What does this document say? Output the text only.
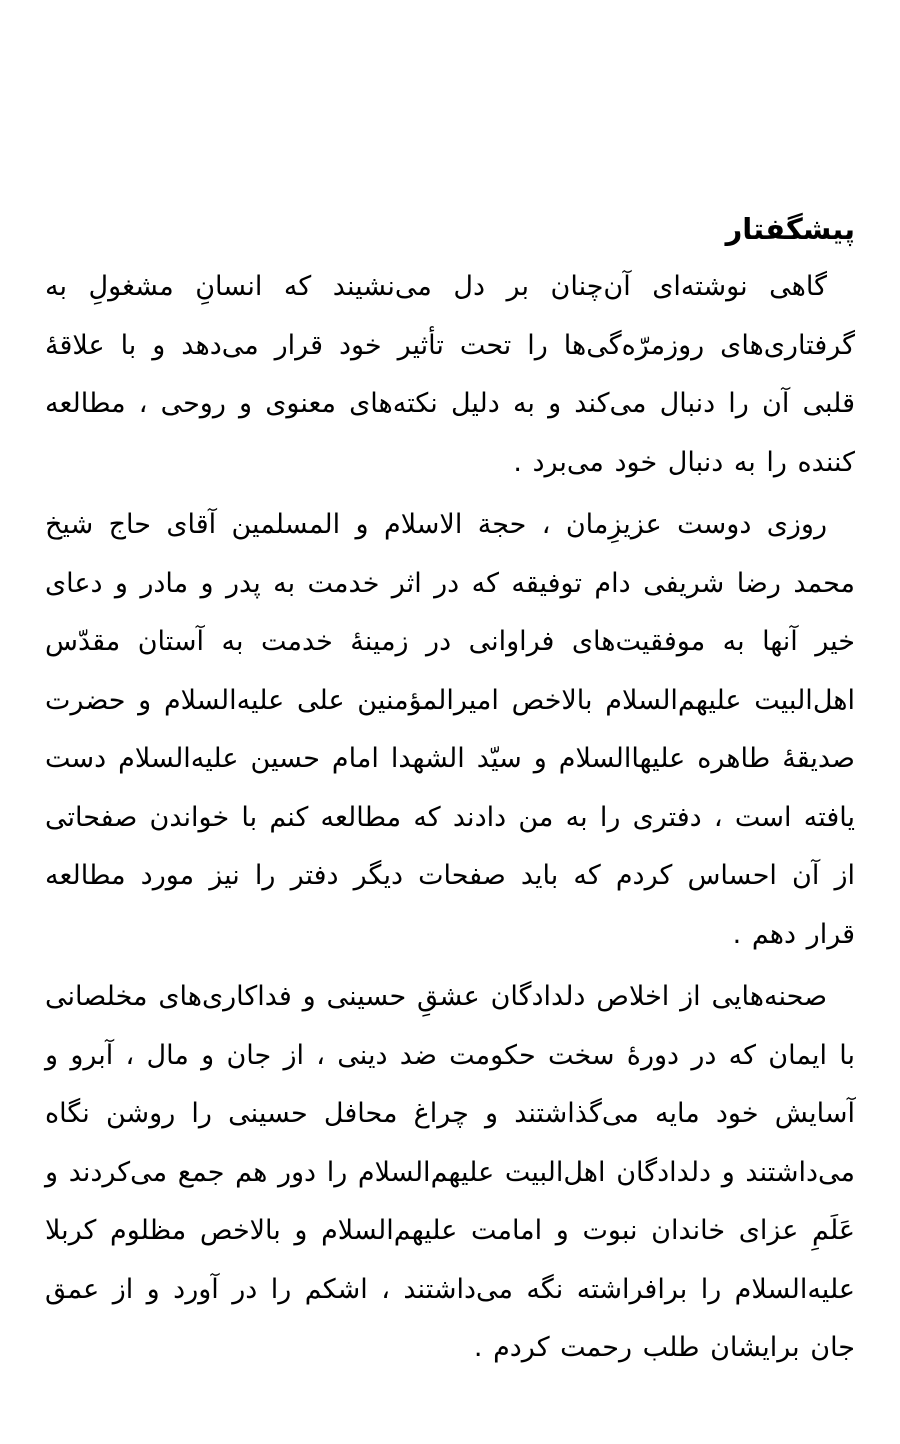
پیشگفتار

گاهی نوشته‌ای آن‌چنان بر دل می‌نشیند که انسانِ مشغولِ به گرفتاری‌های روزمرّه‌گی‌ها را تحت تأثیر خود قرار می‌دهد و با علاقهٔ قلبی آن را دنبال می‌کند و به دلیل نکته‌های معنوی و روحی ، مطالعه کننده را به دنبال خود می‌برد .

روزی دوست عزیزِمان ، حجة الاسلام و المسلمین آقای حاج شیخ محمد رضا شریفی دام توفیقه که در اثر خدمت به پدر و مادر و دعای خیر آنها به موفقیت‌های فراوانی در زمینهٔ خدمت به آستان مقدّس اهل‌البیت علیهم‌السلام بالاخص امیرالمؤمنین علی علیه‌السلام و حضرت صدیقهٔ طاهره علیهاالسلام و سیّد الشهدا امام حسین علیه‌السلام دست یافته است ، دفتری را به من دادند که مطالعه کنم با خواندن صفحاتی از آن احساس کردم که باید صفحات دیگر دفتر را نیز مورد مطالعه قرار دهم .

صحنه‌هایی از اخلاص دلدادگان عشقِ حسینی و فداکاری‌های مخلصانی با ایمان که در دورهٔ سخت حکومت ضد دینی ، از جان و مال ، آبرو و آسایش خود مایه می‌گذاشتند و چراغ محافل حسینی را روشن نگاه می‌داشتند و دلدادگان اهل‌البیت علیهم‌السلام را دور هم جمع می‌کردند و عَلَمِ عزای خاندان نبوت و امامت علیهم‌السلام و بالاخص مظلوم کربلا علیه‌السلام را برافراشته نگه می‌داشتند ، اشکم را در آورد و از عمق جان برایشان طلب رحمت کردم .
